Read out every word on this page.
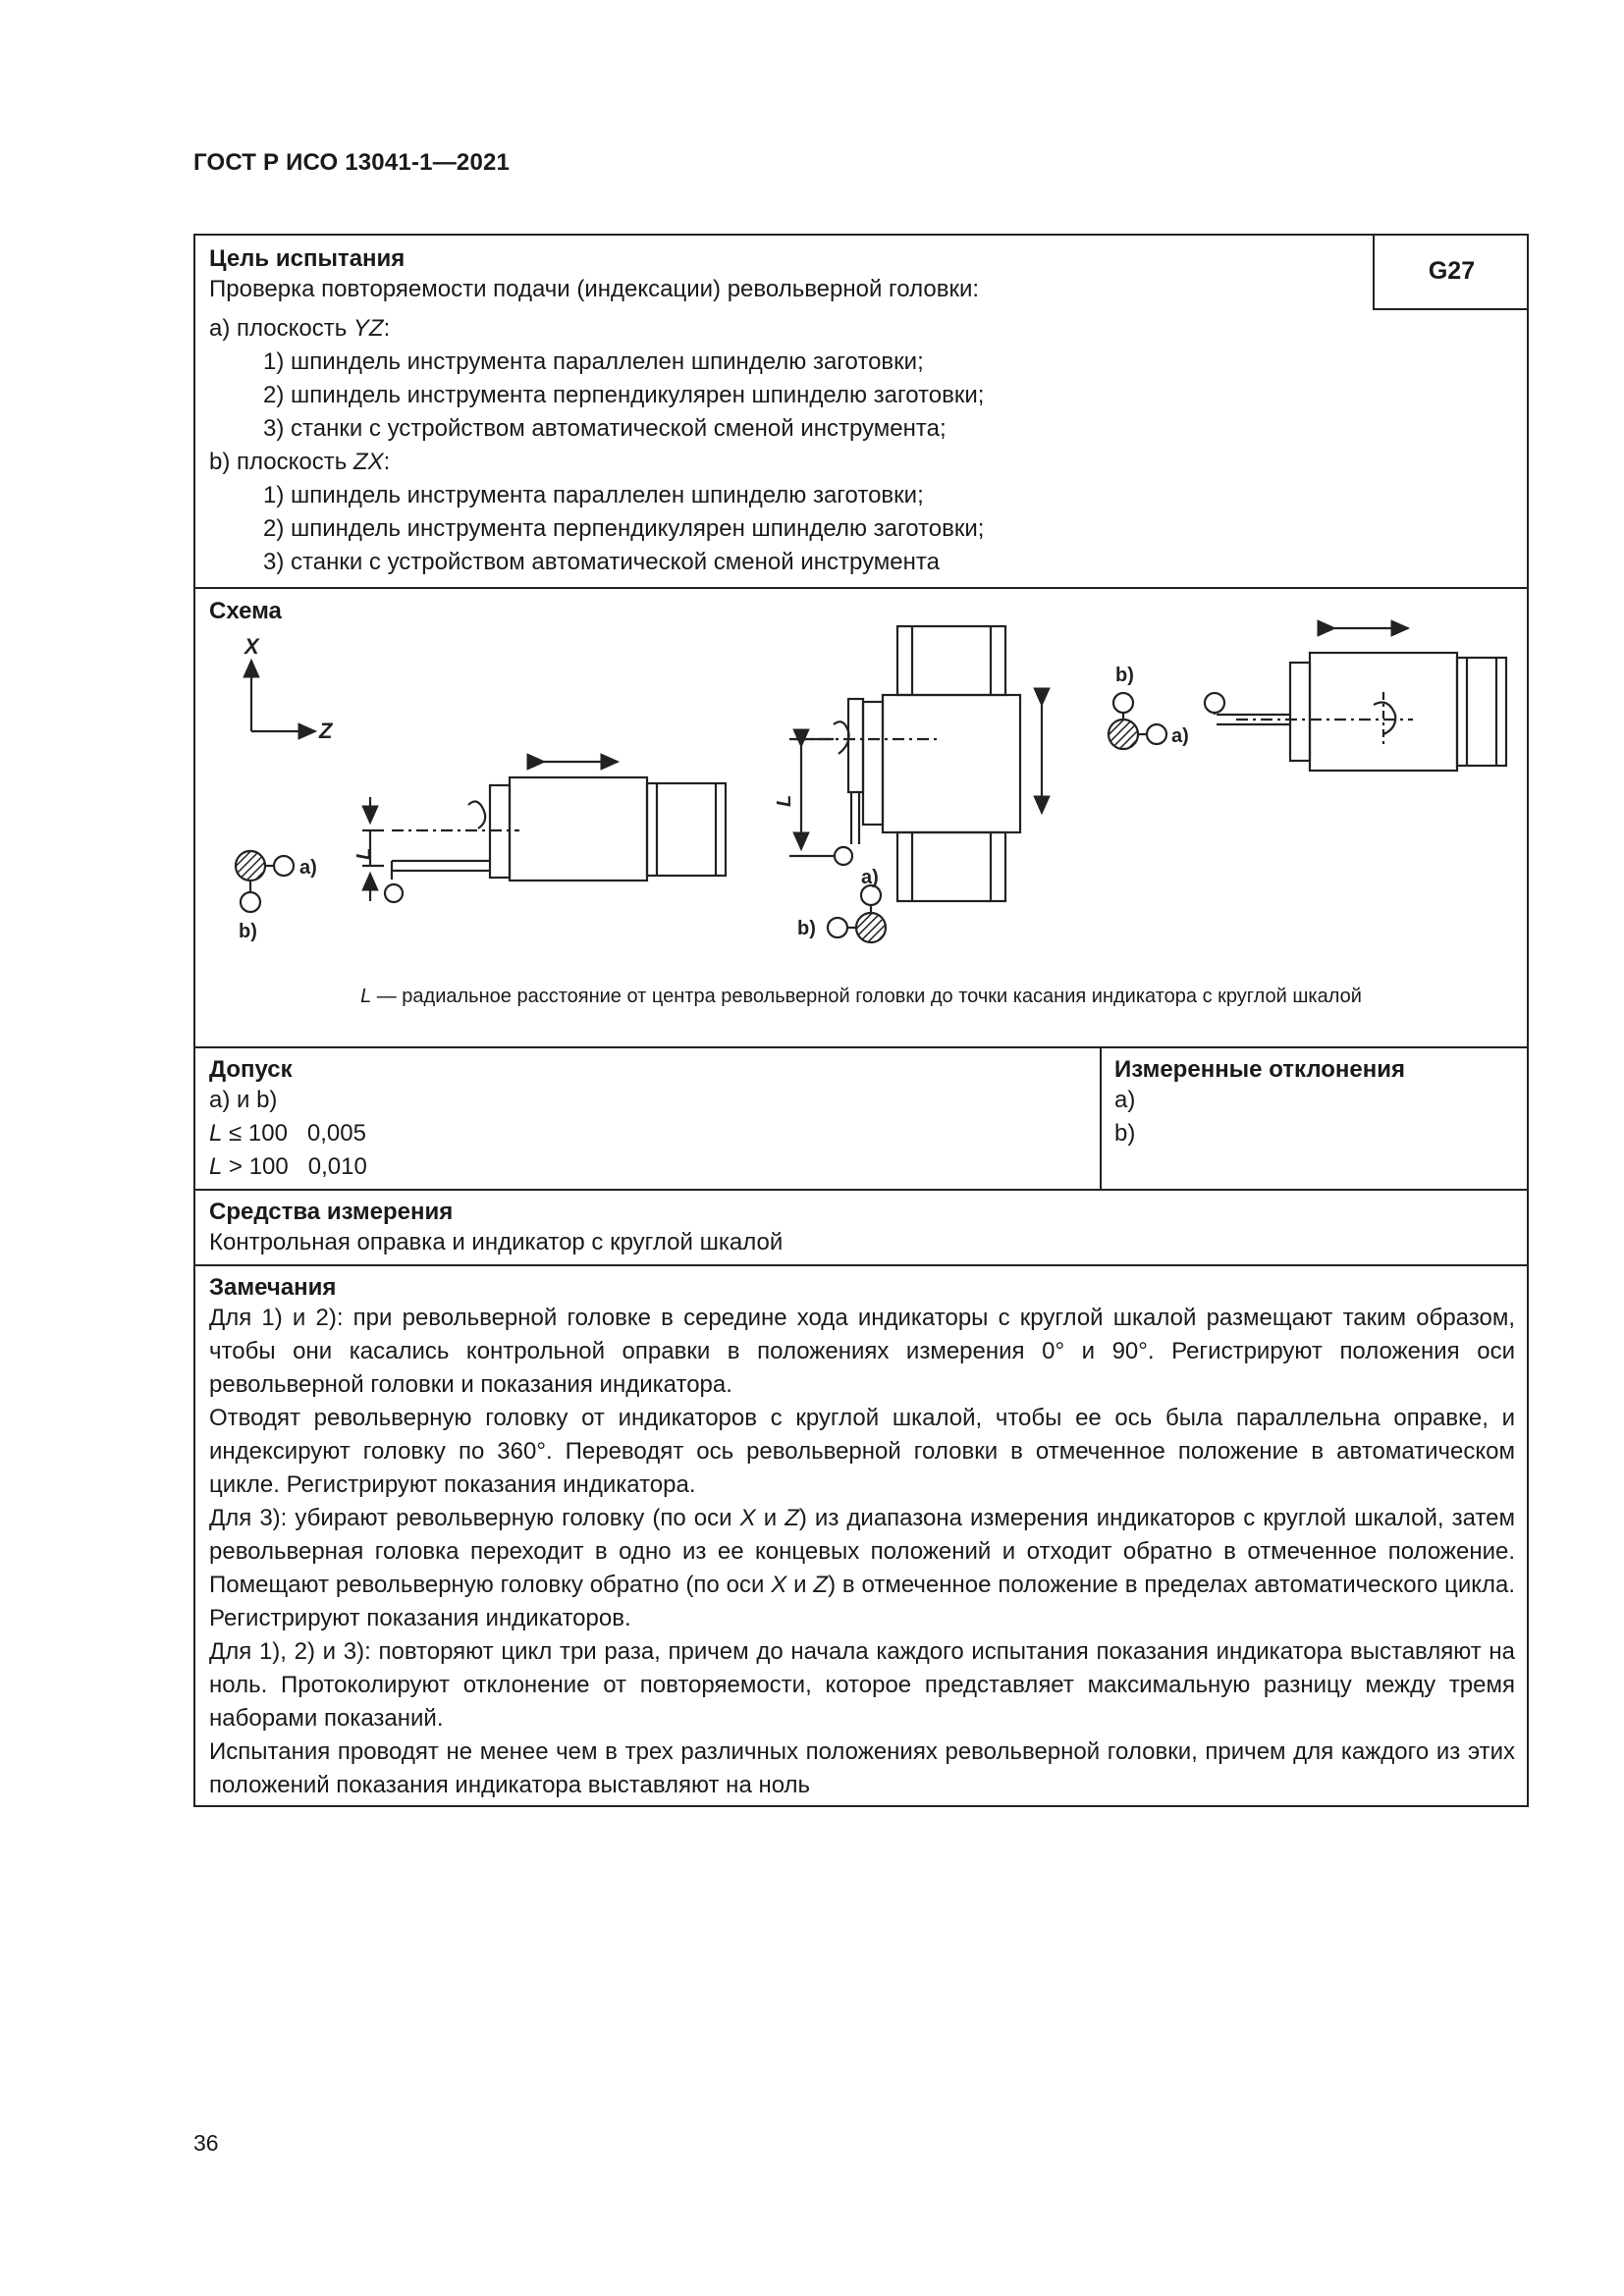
ГОСТ Р ИСО 13041-1—2021
G27
Цель испытания
Проверка повторяемости подачи (индексации) револьверной головки:
a) плоскость YZ:
1) шпиндель инструмента параллелен шпинделю заготовки;
2) шпиндель инструмента перпендикулярен шпинделю заготовки;
3) станки с устройством автоматической сменой инструмента;
b) плоскость ZX:
1) шпиндель инструмента параллелен шпинделю заготовки;
2) шпиндель инструмента перпендикулярен шпинделю заготовки;
3) станки с устройством автоматической сменой инструмента
Схема
X
Z
L
a)
b)
L
a)
b)
b)
a)
L — радиальное расстояние от центра револьверной головки до точки касания индикатора с круглой шкалой
Допуск
a) и b)
L ≤ 100   0,005
L > 100   0,010
Измеренные отклонения
a)
b)
Средства измерения
Контрольная оправка и индикатор с круглой шкалой
Замечания

Для 1) и 2): при револьверной головке в середине хода индикаторы с круглой шкалой размещают таким образом, чтобы они касались контрольной оправки в положениях измерения 0° и 90°. Регистрируют положения оси револьверной головки и показания индикатора.

Отводят револьверную головку от индикаторов с круглой шкалой, чтобы ее ось была параллельна оправке, и индексируют головку по 360°. Переводят ось револьверной головки в отмеченное положение в автоматическом цикле. Регистрируют показания индикатора.

Для 3): убирают револьверную головку (по оси X и Z) из диапазона измерения индикаторов с круглой шкалой, затем револьверная головка переходит в одно из ее концевых положений и отходит обратно в отмеченное положение. Помещают револьверную головку обратно (по оси X и Z) в отмеченное положение в пределах автоматического цикла. Регистрируют показания индикаторов.

Для 1), 2) и 3): повторяют цикл три раза, причем до начала каждого испытания показания индикатора выставляют на ноль. Протоколируют отклонение от повторяемости, которое представляет максимальную разницу между тремя наборами показаний.

Испытания проводят не менее чем в трех различных положениях револьверной головки, причем для каждого из этих положений показания индикатора выставляют на ноль

36
